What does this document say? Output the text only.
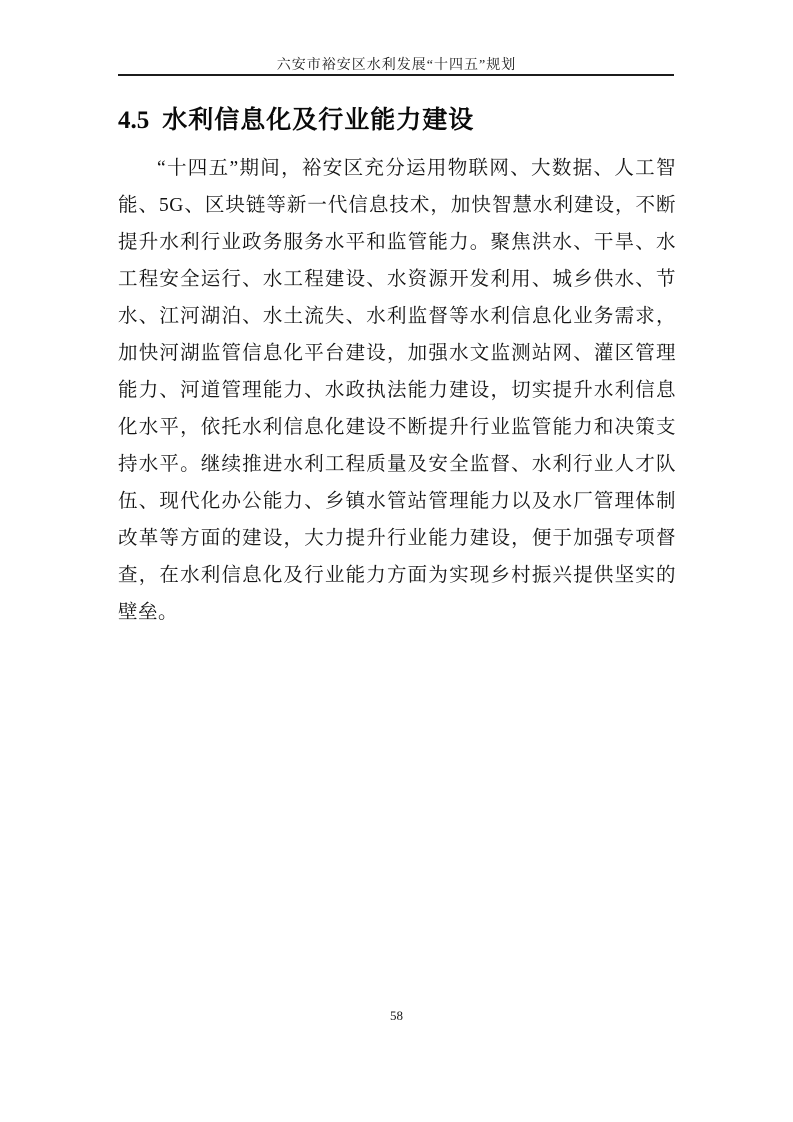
六安市裕安区水利发展“十四五”规划
4.5 水利信息化及行业能力建设

“十四五”期间，裕安区充分运用物联网、大数据、人工智能、5G、区块链等新一代信息技术，加快智慧水利建设，不断提升水利行业政务服务水平和监管能力。聚焦洪水、干旱、水工程安全运行、水工程建设、水资源开发利用、城乡供水、节水、江河湖泊、水土流失、水利监督等水利信息化业务需求，加快河湖监管信息化平台建设，加强水文监测站网、灌区管理能力、河道管理能力、水政执法能力建设，切实提升水利信息化水平，依托水利信息化建设不断提升行业监管能力和决策支持水平。继续推进水利工程质量及安全监督、水利行业人才队伍、现代化办公能力、乡镇水管站管理能力以及水厂管理体制改革等方面的建设，大力提升行业能力建设，便于加强专项督查，在水利信息化及行业能力方面为实现乡村振兴提供坚实的壁垒。

58
